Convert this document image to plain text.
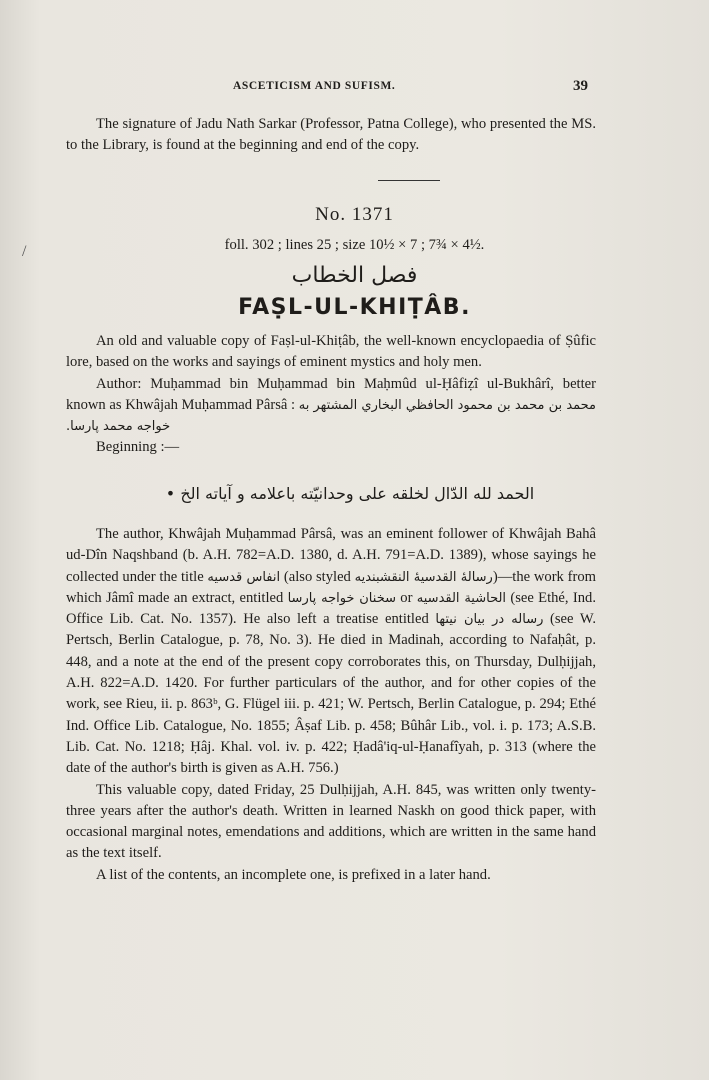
ASCETICISM AND SUFISM.	39

The signature of Jadu Nath Sarkar (Professor, Patna College), who presented the MS. to the Library, is found at the beginning and end of the copy.

No. 1371
foll. 302 ; lines 25 ; size 10½ × 7 ; 7¾ × 4½.
فصل الخطاب
FAṢL-UL-KHIṬÂB.

An old and valuable copy of Faṣl-ul-Khiṭâb, the well-known encyclopaedia of Ṣûfic lore, based on the works and sayings of eminent mystics and holy men.

Author: Muḥammad bin Muḥammad bin Maḥmûd ul-Ḥâfiẓî ul-Bukhârî, better known as Khwâjah Muḥammad Pârsâ : محمد بن محمد بن محمود الحافظي البخاري المشتهر به خواجه محمد پارسا.

Beginning :—

الحمد لله الدّال لخلقه على وحدانيّته باعلامه و آياته الخ •

The author, Khwâjah Muḥammad Pârsâ, was an eminent follower of Khwâjah Bahâ ud-Dîn Naqshband (b. A.H. 782=A.D. 1380, d. A.H. 791=A.D. 1389), whose sayings he collected under the title انفاس قدسيه (also styled رسالهٔ القدسيهٔ النقشبنديه)—the work from which Jâmî made an extract, entitled سخنان خواجه پارسا or الحاشية القدسيه (see Ethé, Ind. Office Lib. Cat. No. 1357). He also left a treatise entitled رساله در بيان نيتها (see W. Pertsch, Berlin Catalogue, p. 78, No. 3). He died in Madinah, according to Nafaḥât, p. 448, and a note at the end of the present copy corroborates this, on Thursday, Dulḥijjah, A.H. 822=A.D. 1420. For further particulars of the author, and for other copies of the work, see Rieu, ii. p. 863ᵇ, G. Flügel iii. p. 421; W. Pertsch, Berlin Catalogue, p. 294; Ethé Ind. Office Lib. Catalogue, No. 1855; Âṣaf Lib. p. 458; Bûhâr Lib., vol. i. p. 173; A.S.B. Lib. Cat. No. 1218; Ḥâj. Khal. vol. iv. p. 422; Ḥadâ'iq-ul-Ḥanafîyah, p. 313 (where the date of the author's birth is given as A.H. 756.)

This valuable copy, dated Friday, 25 Dulḥijjah, A.H. 845, was written only twenty-three years after the author's death. Written in learned Naskh on good thick paper, with occasional marginal notes, emendations and additions, which are written in the same hand as the text itself.

A list of the contents, an incomplete one, is prefixed in a later hand.

/
